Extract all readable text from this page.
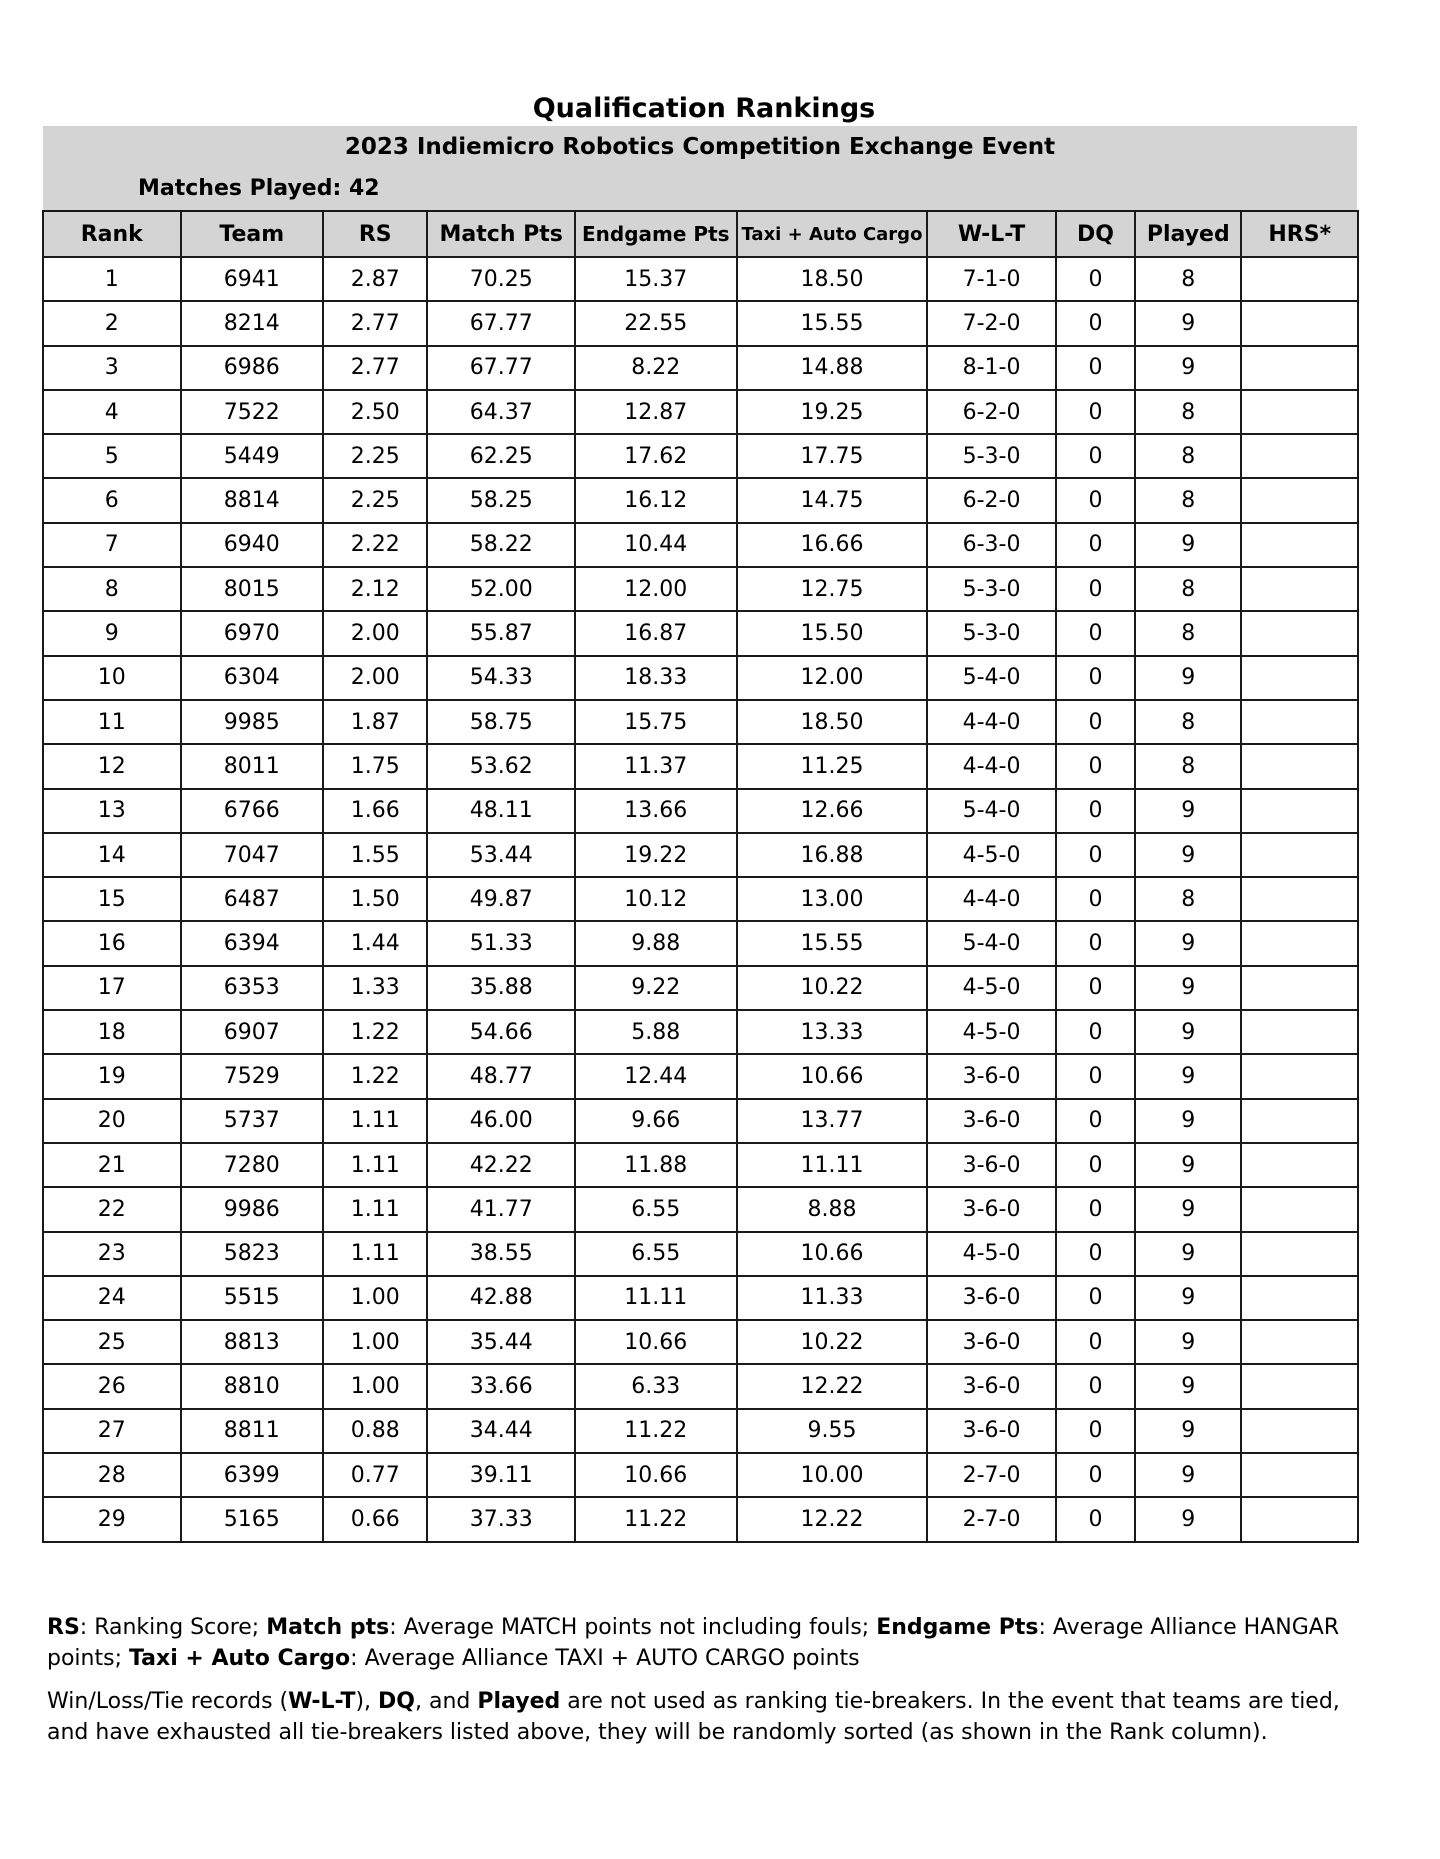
Qualification Rankings
2023 Indiemicro Robotics Competition Exchange Event
Matches Played: 42
Rank	Team	RS	Match Pts	Endgame Pts	Taxi + Auto Cargo	W-L-T	DQ	Played	HRS*
1	6941	2.87	70.25	15.37	18.50	7-1-0	0	8	
2	8214	2.77	67.77	22.55	15.55	7-2-0	0	9	
3	6986	2.77	67.77	8.22	14.88	8-1-0	0	9	
4	7522	2.50	64.37	12.87	19.25	6-2-0	0	8	
5	5449	2.25	62.25	17.62	17.75	5-3-0	0	8	
6	8814	2.25	58.25	16.12	14.75	6-2-0	0	8	
7	6940	2.22	58.22	10.44	16.66	6-3-0	0	9	
8	8015	2.12	52.00	12.00	12.75	5-3-0	0	8	
9	6970	2.00	55.87	16.87	15.50	5-3-0	0	8	
10	6304	2.00	54.33	18.33	12.00	5-4-0	0	9	
11	9985	1.87	58.75	15.75	18.50	4-4-0	0	8	
12	8011	1.75	53.62	11.37	11.25	4-4-0	0	8	
13	6766	1.66	48.11	13.66	12.66	5-4-0	0	9	
14	7047	1.55	53.44	19.22	16.88	4-5-0	0	9	
15	6487	1.50	49.87	10.12	13.00	4-4-0	0	8	
16	6394	1.44	51.33	9.88	15.55	5-4-0	0	9	
17	6353	1.33	35.88	9.22	10.22	4-5-0	0	9	
18	6907	1.22	54.66	5.88	13.33	4-5-0	0	9	
19	7529	1.22	48.77	12.44	10.66	3-6-0	0	9	
20	5737	1.11	46.00	9.66	13.77	3-6-0	0	9	
21	7280	1.11	42.22	11.88	11.11	3-6-0	0	9	
22	9986	1.11	41.77	6.55	8.88	3-6-0	0	9	
23	5823	1.11	38.55	6.55	10.66	4-5-0	0	9	
24	5515	1.00	42.88	11.11	11.33	3-6-0	0	9	
25	8813	1.00	35.44	10.66	10.22	3-6-0	0	9	
26	8810	1.00	33.66	6.33	12.22	3-6-0	0	9	
27	8811	0.88	34.44	11.22	9.55	3-6-0	0	9	
28	6399	0.77	39.11	10.66	10.00	2-7-0	0	9	
29	5165	0.66	37.33	11.22	12.22	2-7-0	0	9	

RS: Ranking Score; Match pts: Average MATCH points not including fouls; Endgame Pts: Average Alliance HANGAR points; Taxi + Auto Cargo: Average Alliance TAXI + AUTO CARGO points

Win/Loss/Tie records (W-L-T), DQ, and Played are not used as ranking tie-breakers. In the event that teams are tied, and have exhausted all tie-breakers listed above, they will be randomly sorted (as shown in the Rank column).
